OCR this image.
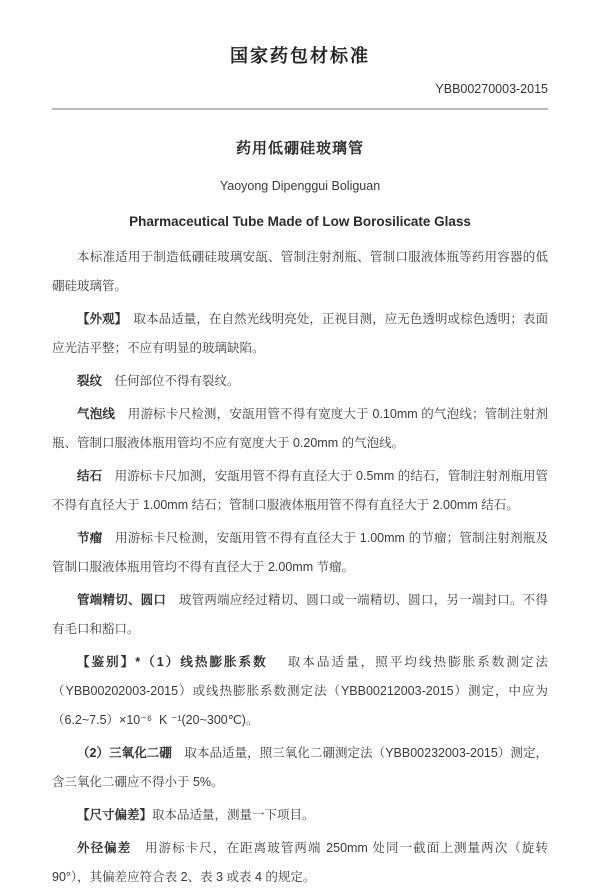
国家药包材标准
YBB00270003-2015
药用低硼硅玻璃管
Yaoyong Dipenggui Boliguan
Pharmaceutical Tube Made of Low Borosilicate Glass

本标准适用于制造低硼硅玻璃安瓿、管制注射剂瓶、管制口服液体瓶等药用容器的低硼硅玻璃管。

【外观】　取本品适量，在自然光线明亮处，正视目测，应无色透明或棕色透明；表面应光洁平整；不应有明显的玻璃缺陷。

裂纹　任何部位不得有裂纹。

气泡线　用游标卡尺检测，安瓿用管不得有宽度大于 0.10mm 的气泡线；管制注射剂瓶、管制口服液体瓶用管均不应有宽度大于 0.20mm 的气泡线。

结石　用游标卡尺加测，安瓿用管不得有直径大于 0.5mm 的结石，管制注射剂瓶用管不得有直径大于 1.00mm 结石；管制口服液体瓶用管不得有直径大于 2.00mm 结石。

节瘤　用游标卡尺检测，安瓿用管不得有直径大于 1.00mm 的节瘤；管制注射剂瓶及管制口服液体瓶用管均不得有直径大于 2.00mm 节瘤。

管端精切、圆口　玻管两端应经过精切、圆口或一端精切、圆口，另一端封口。不得有毛口和豁口。

【鉴别】*（1）线热膨胀系数　 取本品适量，照平均线热膨胀系数测定法（YBB00202003-2015）或线热膨胀系数测定法（YBB00212003-2015）测定，中应为（6.2~7.5）×10⁻⁶  K ⁻¹(20~300℃)。

（2）三氧化二硼　取本品适量，照三氧化二硼测定法（YBB00232003-2015）测定，含三氧化二硼应不得小于 5%。

【尺寸偏差】取本品适量，测量一下项目。

外径偏差　用游标卡尺，在距离玻管两端 250mm 处同一截面上测量两次（旋转 90°），其偏差应符合表 2、表 3 或表 4 的规定。
